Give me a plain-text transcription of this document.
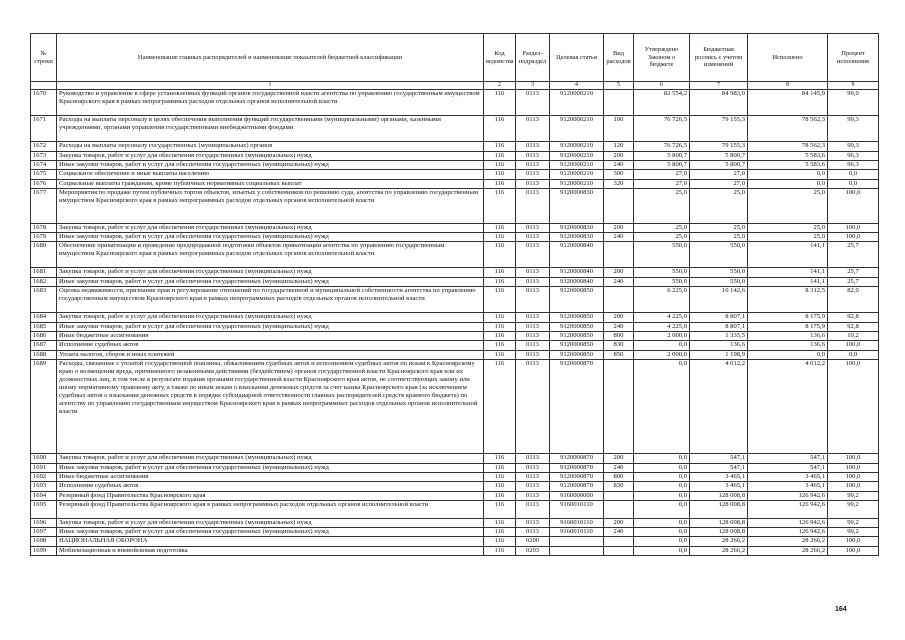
№ строки	Наименование главных распорядителей и наименование показателей бюджетной классификации	Код ведомства	Раздел-подраздел	Целевая статья	Вид расходов	Утверждено Законом о бюджете	Бюджетная роспись с учетом изменений	Исполнено	Процент исполнения
	1	2	3	4	5	6	7	8	9
1670	Руководство и управление в сфере установленных функций органов государственной власти агентства по управлению государственным имуществом Красноярского края в рамках непрограммных расходов отдельных органов исполнительной власти	116	0113	9120000210		82 554,2	84 983,0	84 145,9	99,0
1671	Расходы на выплаты персоналу в целях обеспечения выполнения функций государственными (муниципальными) органами, казенными учреждениями, органами управления государственными внебюджетными фондами	116	0113	9120000210	100	76 726,5	79 155,3	78 562,3	99,3
1672	Расходы на выплаты персоналу государственных (муниципальных) органов	116	0113	9120000210	120	76 726,5	79 155,3	78 562,3	99,3
1673	Закупка товаров, работ и услуг для обеспечения государственных (муниципальных) нужд	116	0113	9120000210	200	5 800,7	5 800,7	5 583,6	96,3
1674	Иные закупки товаров, работ и услуг для обеспечения государственных (муниципальных) нужд	116	0113	9120000210	240	5 800,7	5 800,7	5 583,6	96,3
1675	Социальное обеспечение и иные выплаты населению	116	0113	9120000210	300	27,0	27,0	0,0	0,0
1676	Социальные выплаты гражданам, кроме публичных нормативных социальных выплат	116	0113	9120000210	320	27,0	27,0	0,0	0,0
1677	Мероприятия по продаже путем публичных торгов объектов, изъятых у собственников по решению суда, агентства по управлению государственным имуществом Красноярского края в рамках непрограммных расходов отдельных органов исполнительной власти	116	0113	9120000830		25,0	25,0	25,0	100,0
1678	Закупка товаров, работ и услуг для обеспечения государственных (муниципальных) нужд	116	0113	9120000830	200	25,0	25,0	25,0	100,0
1679	Иные закупки товаров, работ и услуг для обеспечения государственных (муниципальных) нужд	116	0113	9120000830	240	25,0	25,0	25,0	100,0
1680	Обеспечение приватизации и проведение предпродажной подготовки объектов приватизации агентства по управлению государственным имуществом Красноярского края в рамках непрограммных расходов отдельных органов исполнительной власти	116	0113	9120000840		550,0	550,0	141,1	25,7
1681	Закупка товаров, работ и услуг для обеспечения государственных (муниципальных) нужд	116	0113	9120000840	200	550,0	550,0	141,1	25,7
1682	Иные закупки товаров, работ и услуг для обеспечения государственных (муниципальных) нужд	116	0113	9120000840	240	550,0	550,0	141,1	25,7
1683	Оценка недвижимости, признание прав и регулирование отношений по государственной и муниципальной собственности агентства по управлению государственным имуществом Красноярского края в рамках непрограммных расходов отдельных органов исполнительной власти	116	0113	9120000850		6 225,0	10 142,6	8 312,5	82,0
1684	Закупка товаров, работ и услуг для обеспечения государственных (муниципальных) нужд	116	0113	9120000850	200	4 225,0	8 807,1	8 175,9	92,8
1685	Иные закупки товаров, работ и услуг для обеспечения государственных (муниципальных) нужд	116	0113	9120000850	240	4 225,0	8 807,1	8 175,9	92,8
1686	Иные бюджетные ассигнования	116	0113	9120000850	800	2 000,0	1 335,5	136,6	10,2
1687	Исполнение судебных актов	116	0113	9120000850	830	0,0	136,6	136,6	100,0
1688	Уплата налогов, сборов и иных платежей	116	0113	9120000850	850	2 000,0	1 198,9	0,0	0,0
1689	Расходы, связанные с уплатой государственной пошлины, обжалованием судебных актов и исполнением судебных актов по искам к Красноярскому краю о возмещении вреда, причиненного незаконными действиями (бездействием) органов государственной власти Красноярского края или их должностных лиц, в том числе в результате издания органами государственной власти Красноярского края актов, не соответствующих закону или иному нормативному правовому акту, а также по иным искам о взыскании денежных средств за счет казны Красноярского края (за исключением судебных актов о взыскании денежных средств в порядке субсидиарной ответственности главных распорядителей средств краевого бюджета) по агентству по управлению государственным имуществом Красноярского края в рамках непрограммных расходов отдельных органов исполнительной власти	116	0113	9120000870		0,0	4 012,2	4 012,2	100,0
1690	Закупка товаров, работ и услуг для обеспечения государственных (муниципальных) нужд	116	0113	9120000870	200	0,0	547,1	547,1	100,0
1691	Иные закупки товаров, работ и услуг для обеспечения государственных (муниципальных) нужд	116	0113	9120000870	240	0,0	547,1	547,1	100,0
1692	Иные бюджетные ассигнования	116	0113	9120000870	800	0,0	3 465,1	3 465,1	100,0
1693	Исполнение судебных актов	116	0113	9120000870	830	0,0	3 465,1	3 465,1	100,0
1694	Резервный фонд Правительства Красноярского края	116	0113	9160000000		0,0	128 008,8	126 942,6	99,2
1695	Резервный фонд Правительства Красноярского края в рамках непрограммных расходов отдельных органов исполнительной власти	116	0113	9160010110		0,0	128 008,8	126 942,6	99,2
1696	Закупка товаров, работ и услуг для обеспечения государственных (муниципальных) нужд	116	0113	9160010110	200	0,0	128 008,8	126 942,6	99,2
1697	Иные закупки товаров, работ и услуг для обеспечения государственных (муниципальных) нужд	116	0113	9160010110	240	0,0	128 008,8	126 942,6	99,2
1698	НАЦИОНАЛЬНАЯ ОБОРОНА	116	0200			0,0	28 266,2	28 266,2	100,0
1699	Мобилизационная и вневойсковая подготовка	116	0203			0,0	28 266,2	28 266,2	100,0
164
